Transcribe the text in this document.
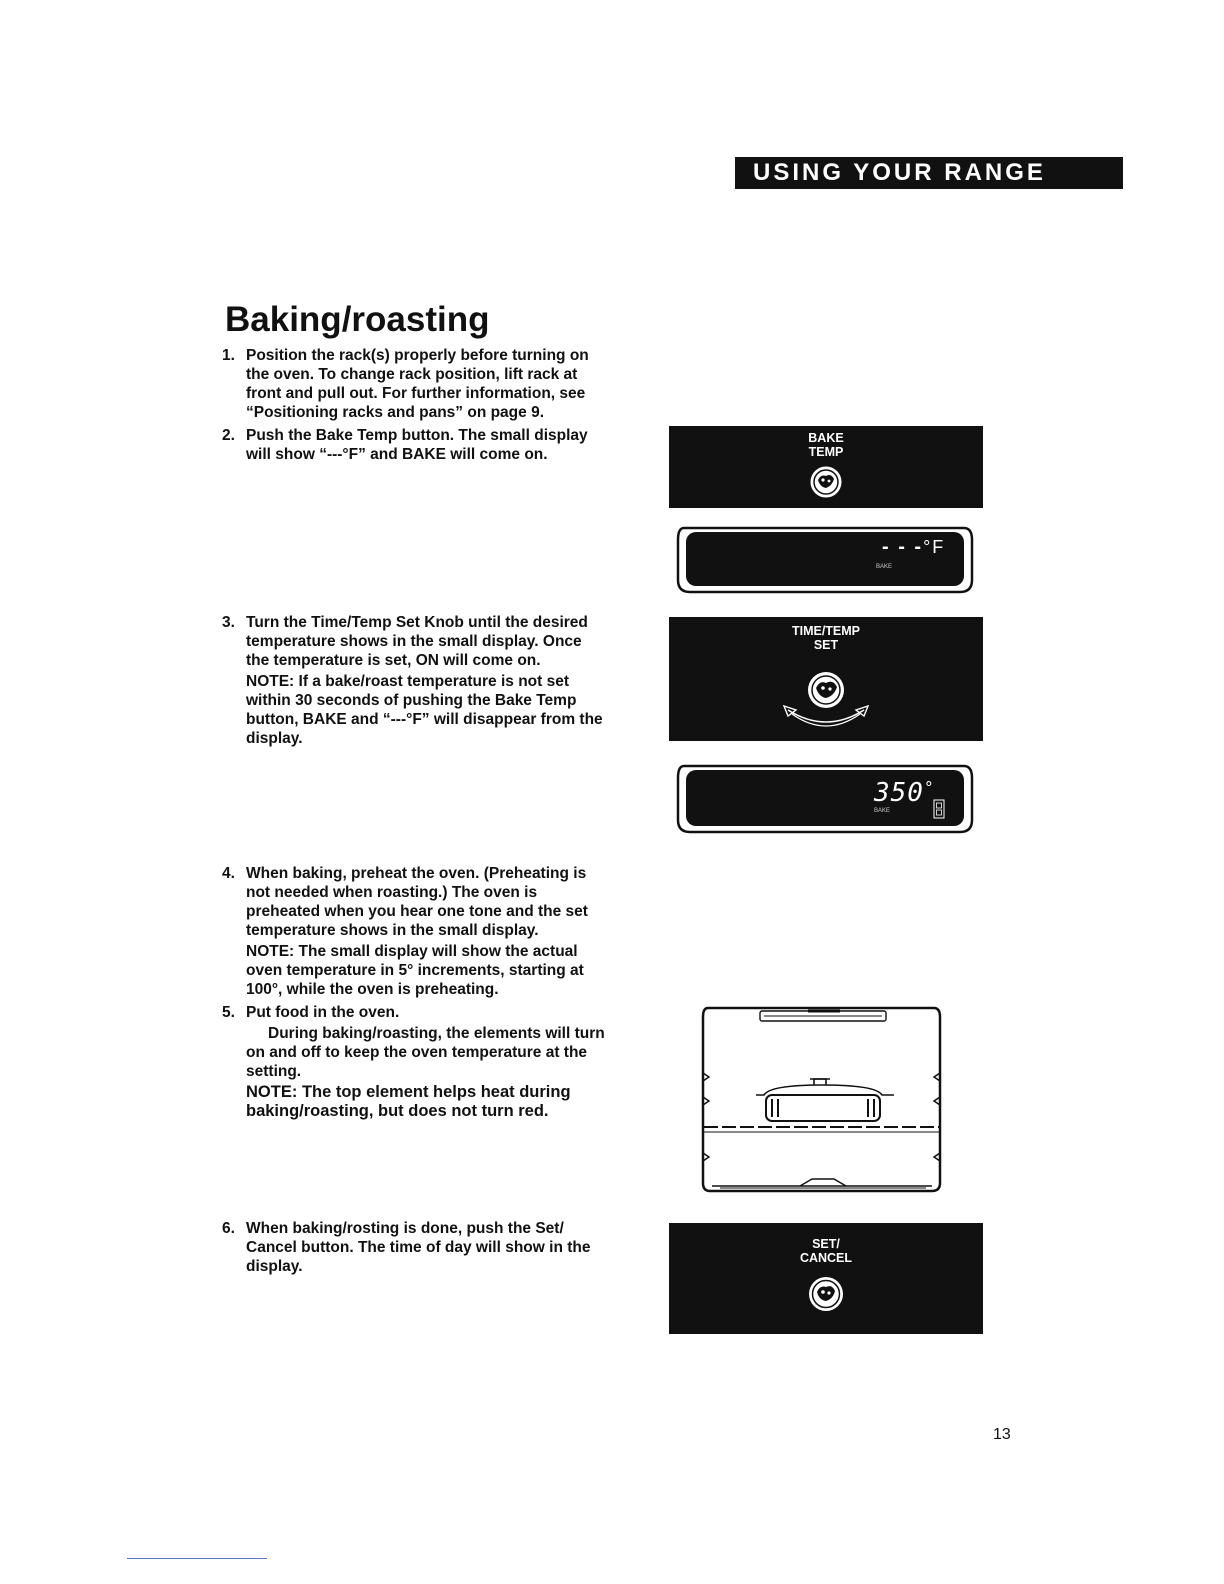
USING YOUR RANGE
Baking/roasting
1. Position the rack(s) properly before turning on the oven. To change rack position, lift rack at front and pull out. For further information, see “Positioning racks and pans” on page 9.

2. Push the Bake Temp button. The small display will show “---°F” and BAKE will come on.

3. Turn the Time/Temp Set Knob until the desired temperature shows in the small display. Once the temperature is set, ON will come on.

NOTE: If a bake/roast temperature is not set within 30 seconds of pushing the Bake Temp button, BAKE and “---°F” will disappear from the display.

4. When baking, preheat the oven. (Preheating is not needed when roasting.) The oven is preheated when you hear one tone and the set temperature shows in the small display.

NOTE: The small display will show the actual oven temperature in 5° increments, starting at 100°, while the oven is preheating.

5. Put food in the oven.

During baking/roasting, the elements will turn on and off to keep the oven temperature at the setting.

NOTE: The top element helps heat during baking/roasting, but does not turn red.

6. When baking/rosting is done, push the Set/ Cancel button. The time of day will show in the display.

BAKE
TEMP
- - -°F
BAKE
TIME/TEMP
SET
350°
BAKE
SET/
CANCEL
13
